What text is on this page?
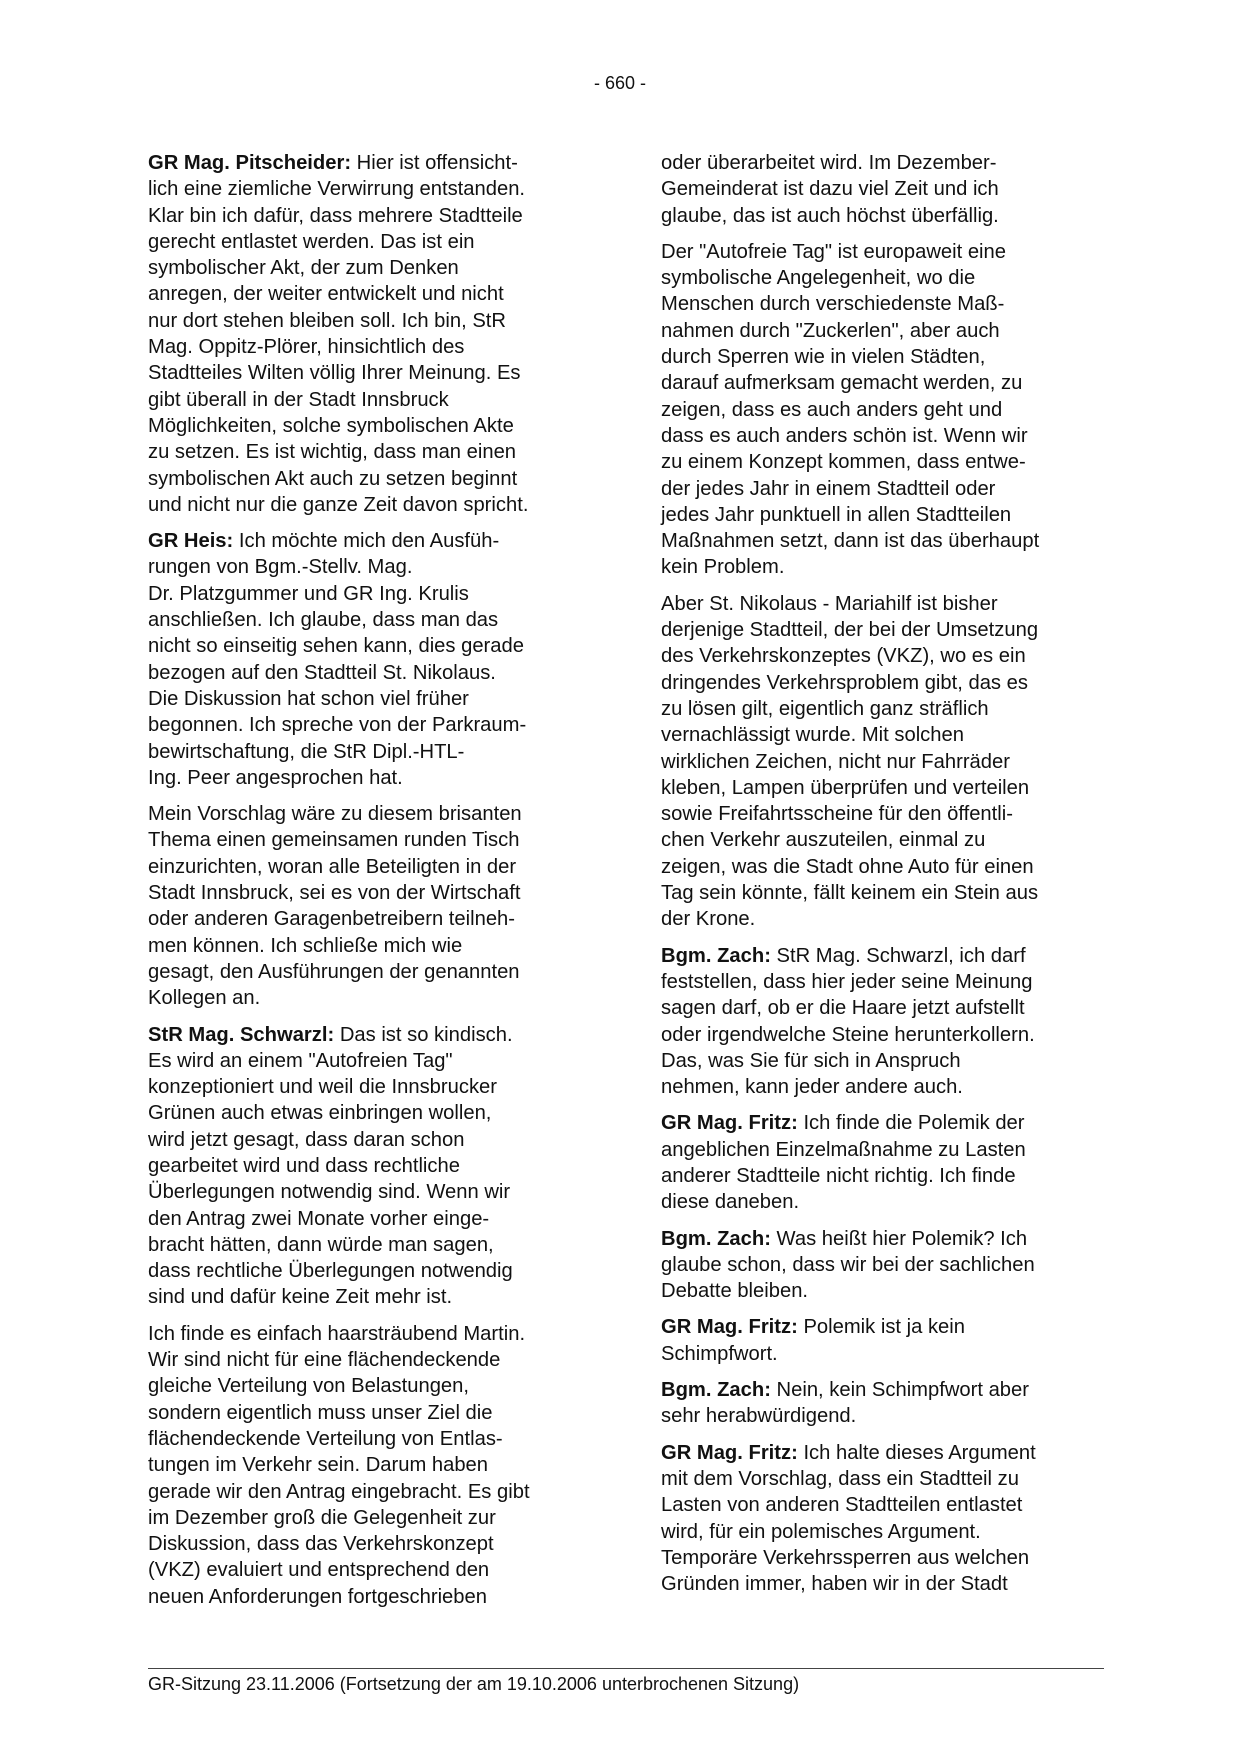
- 660 -

GR Mag. Pitscheider: Hier ist offensicht-
lich eine ziemliche Verwirrung entstanden.
Klar bin ich dafür, dass mehrere Stadtteile
gerecht entlastet werden. Das ist ein
symbolischer Akt, der zum Denken
anregen, der weiter entwickelt und nicht
nur dort stehen bleiben soll. Ich bin, StR
Mag. Oppitz-Plörer, hinsichtlich des
Stadtteiles Wilten völlig Ihrer Meinung. Es
gibt überall in der Stadt Innsbruck
Möglichkeiten, solche symbolischen Akte
zu setzen. Es ist wichtig, dass man einen
symbolischen Akt auch zu setzen beginnt
und nicht nur die ganze Zeit davon spricht.

GR Heis: Ich möchte mich den Ausfüh-
rungen von Bgm.-Stellv. Mag.
Dr. Platzgummer und GR Ing. Krulis
anschließen. Ich glaube, dass man das
nicht so einseitig sehen kann, dies gerade
bezogen auf den Stadtteil St. Nikolaus.
Die Diskussion hat schon viel früher
begonnen. Ich spreche von der Parkraum-
bewirtschaftung, die StR Dipl.-HTL-
Ing. Peer angesprochen hat.

Mein Vorschlag wäre zu diesem brisanten
Thema einen gemeinsamen runden Tisch
einzurichten, woran alle Beteiligten in der
Stadt Innsbruck, sei es von der Wirtschaft
oder anderen Garagenbetreibern teilneh-
men können. Ich schließe mich wie
gesagt, den Ausführungen der genannten
Kollegen an.

StR Mag. Schwarzl: Das ist so kindisch.
Es wird an einem "Autofreien Tag"
konzeptioniert und weil die Innsbrucker
Grünen auch etwas einbringen wollen,
wird jetzt gesagt, dass daran schon
gearbeitet wird und dass rechtliche
Überlegungen notwendig sind. Wenn wir
den Antrag zwei Monate vorher einge-
bracht hätten, dann würde man sagen,
dass rechtliche Überlegungen notwendig
sind und dafür keine Zeit mehr ist.

Ich finde es einfach haarsträubend Martin.
Wir sind nicht für eine flächendeckende
gleiche Verteilung von Belastungen,
sondern eigentlich muss unser Ziel die
flächendeckende Verteilung von Entlas-
tungen im Verkehr sein. Darum haben
gerade wir den Antrag eingebracht. Es gibt
im Dezember groß die Gelegenheit zur
Diskussion, dass das Verkehrskonzept
(VKZ) evaluiert und entsprechend den
neuen Anforderungen fortgeschrieben

oder überarbeitet wird. Im Dezember-
Gemeinderat ist dazu viel Zeit und ich
glaube, das ist auch höchst überfällig.

Der "Autofreie Tag" ist europaweit eine
symbolische Angelegenheit, wo die
Menschen durch verschiedenste Maß-
nahmen durch "Zuckerlen", aber auch
durch Sperren wie in vielen Städten,
darauf aufmerksam gemacht werden, zu
zeigen, dass es auch anders geht und
dass es auch anders schön ist. Wenn wir
zu einem Konzept kommen, dass entwe-
der jedes Jahr in einem Stadtteil oder
jedes Jahr punktuell in allen Stadtteilen
Maßnahmen setzt, dann ist das überhaupt
kein Problem.

Aber St. Nikolaus - Mariahilf ist bisher
derjenige Stadtteil, der bei der Umsetzung
des Verkehrskonzeptes (VKZ), wo es ein
dringendes Verkehrsproblem gibt, das es
zu lösen gilt, eigentlich ganz sträflich
vernachlässigt wurde. Mit solchen
wirklichen Zeichen, nicht nur Fahrräder
kleben, Lampen überprüfen und verteilen
sowie Freifahrtsscheine für den öffentli-
chen Verkehr auszuteilen, einmal zu
zeigen, was die Stadt ohne Auto für einen
Tag sein könnte, fällt keinem ein Stein aus
der Krone.

Bgm. Zach: StR Mag. Schwarzl, ich darf
feststellen, dass hier jeder seine Meinung
sagen darf, ob er die Haare jetzt aufstellt
oder irgendwelche Steine herunterkollern.
Das, was Sie für sich in Anspruch
nehmen, kann jeder andere auch.

GR Mag. Fritz: Ich finde die Polemik der
angeblichen Einzelmaßnahme zu Lasten
anderer Stadtteile nicht richtig. Ich finde
diese daneben.

Bgm. Zach: Was heißt hier Polemik? Ich
glaube schon, dass wir bei der sachlichen
Debatte bleiben.

GR Mag. Fritz: Polemik ist ja kein
Schimpfwort.

Bgm. Zach: Nein, kein Schimpfwort aber
sehr herabwürdigend.

GR Mag. Fritz: Ich halte dieses Argument
mit dem Vorschlag, dass ein Stadtteil zu
Lasten von anderen Stadtteilen entlastet
wird, für ein polemisches Argument.
Temporäre Verkehrssperren aus welchen
Gründen immer, haben wir in der Stadt

GR-Sitzung 23.11.2006 (Fortsetzung der am 19.10.2006 unterbrochenen Sitzung)
